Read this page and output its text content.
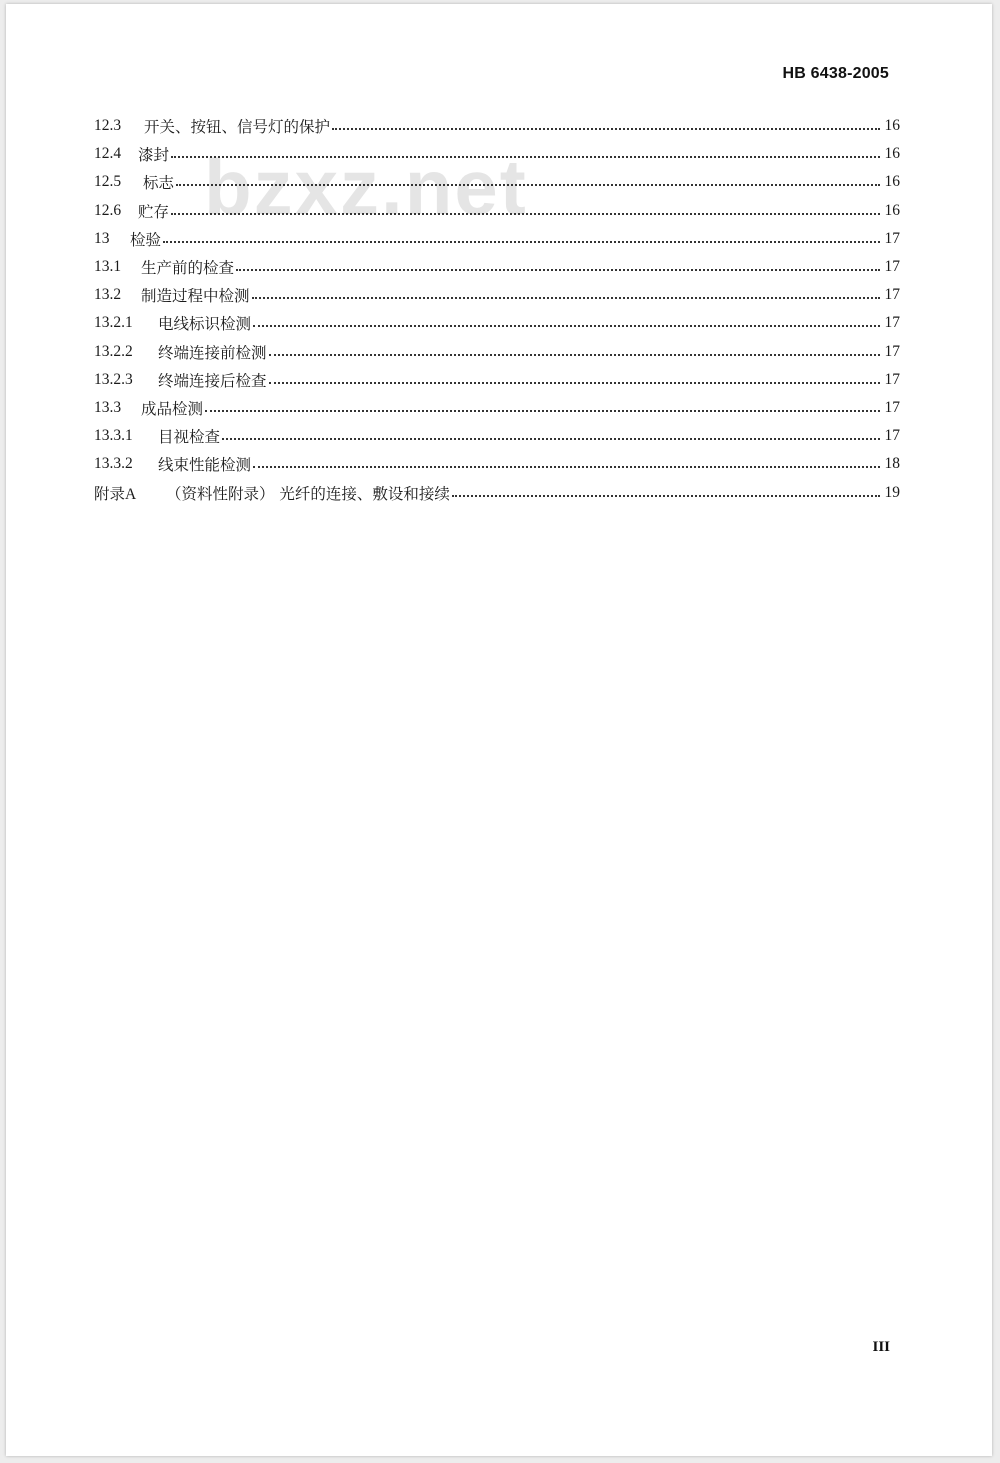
HB 6438-2005
bzxz.net
12.3	开关、按钮、信号灯的保护	16
12.4	漆封	16
12.5	标志	16
12.6	贮存	16
13	检验	17
13.1	生产前的检查	17
13.2	制造过程中检测	17
13.2.1	电线标识检测	17
13.2.2	终端连接前检测	17
13.2.3	终端连接后检查	17
13.3	成品检测	17
13.3.1	目视检查	17
13.3.2	线束性能检测	18
附录A	（资料性附录） 光纤的连接、敷设和接续	19
III
